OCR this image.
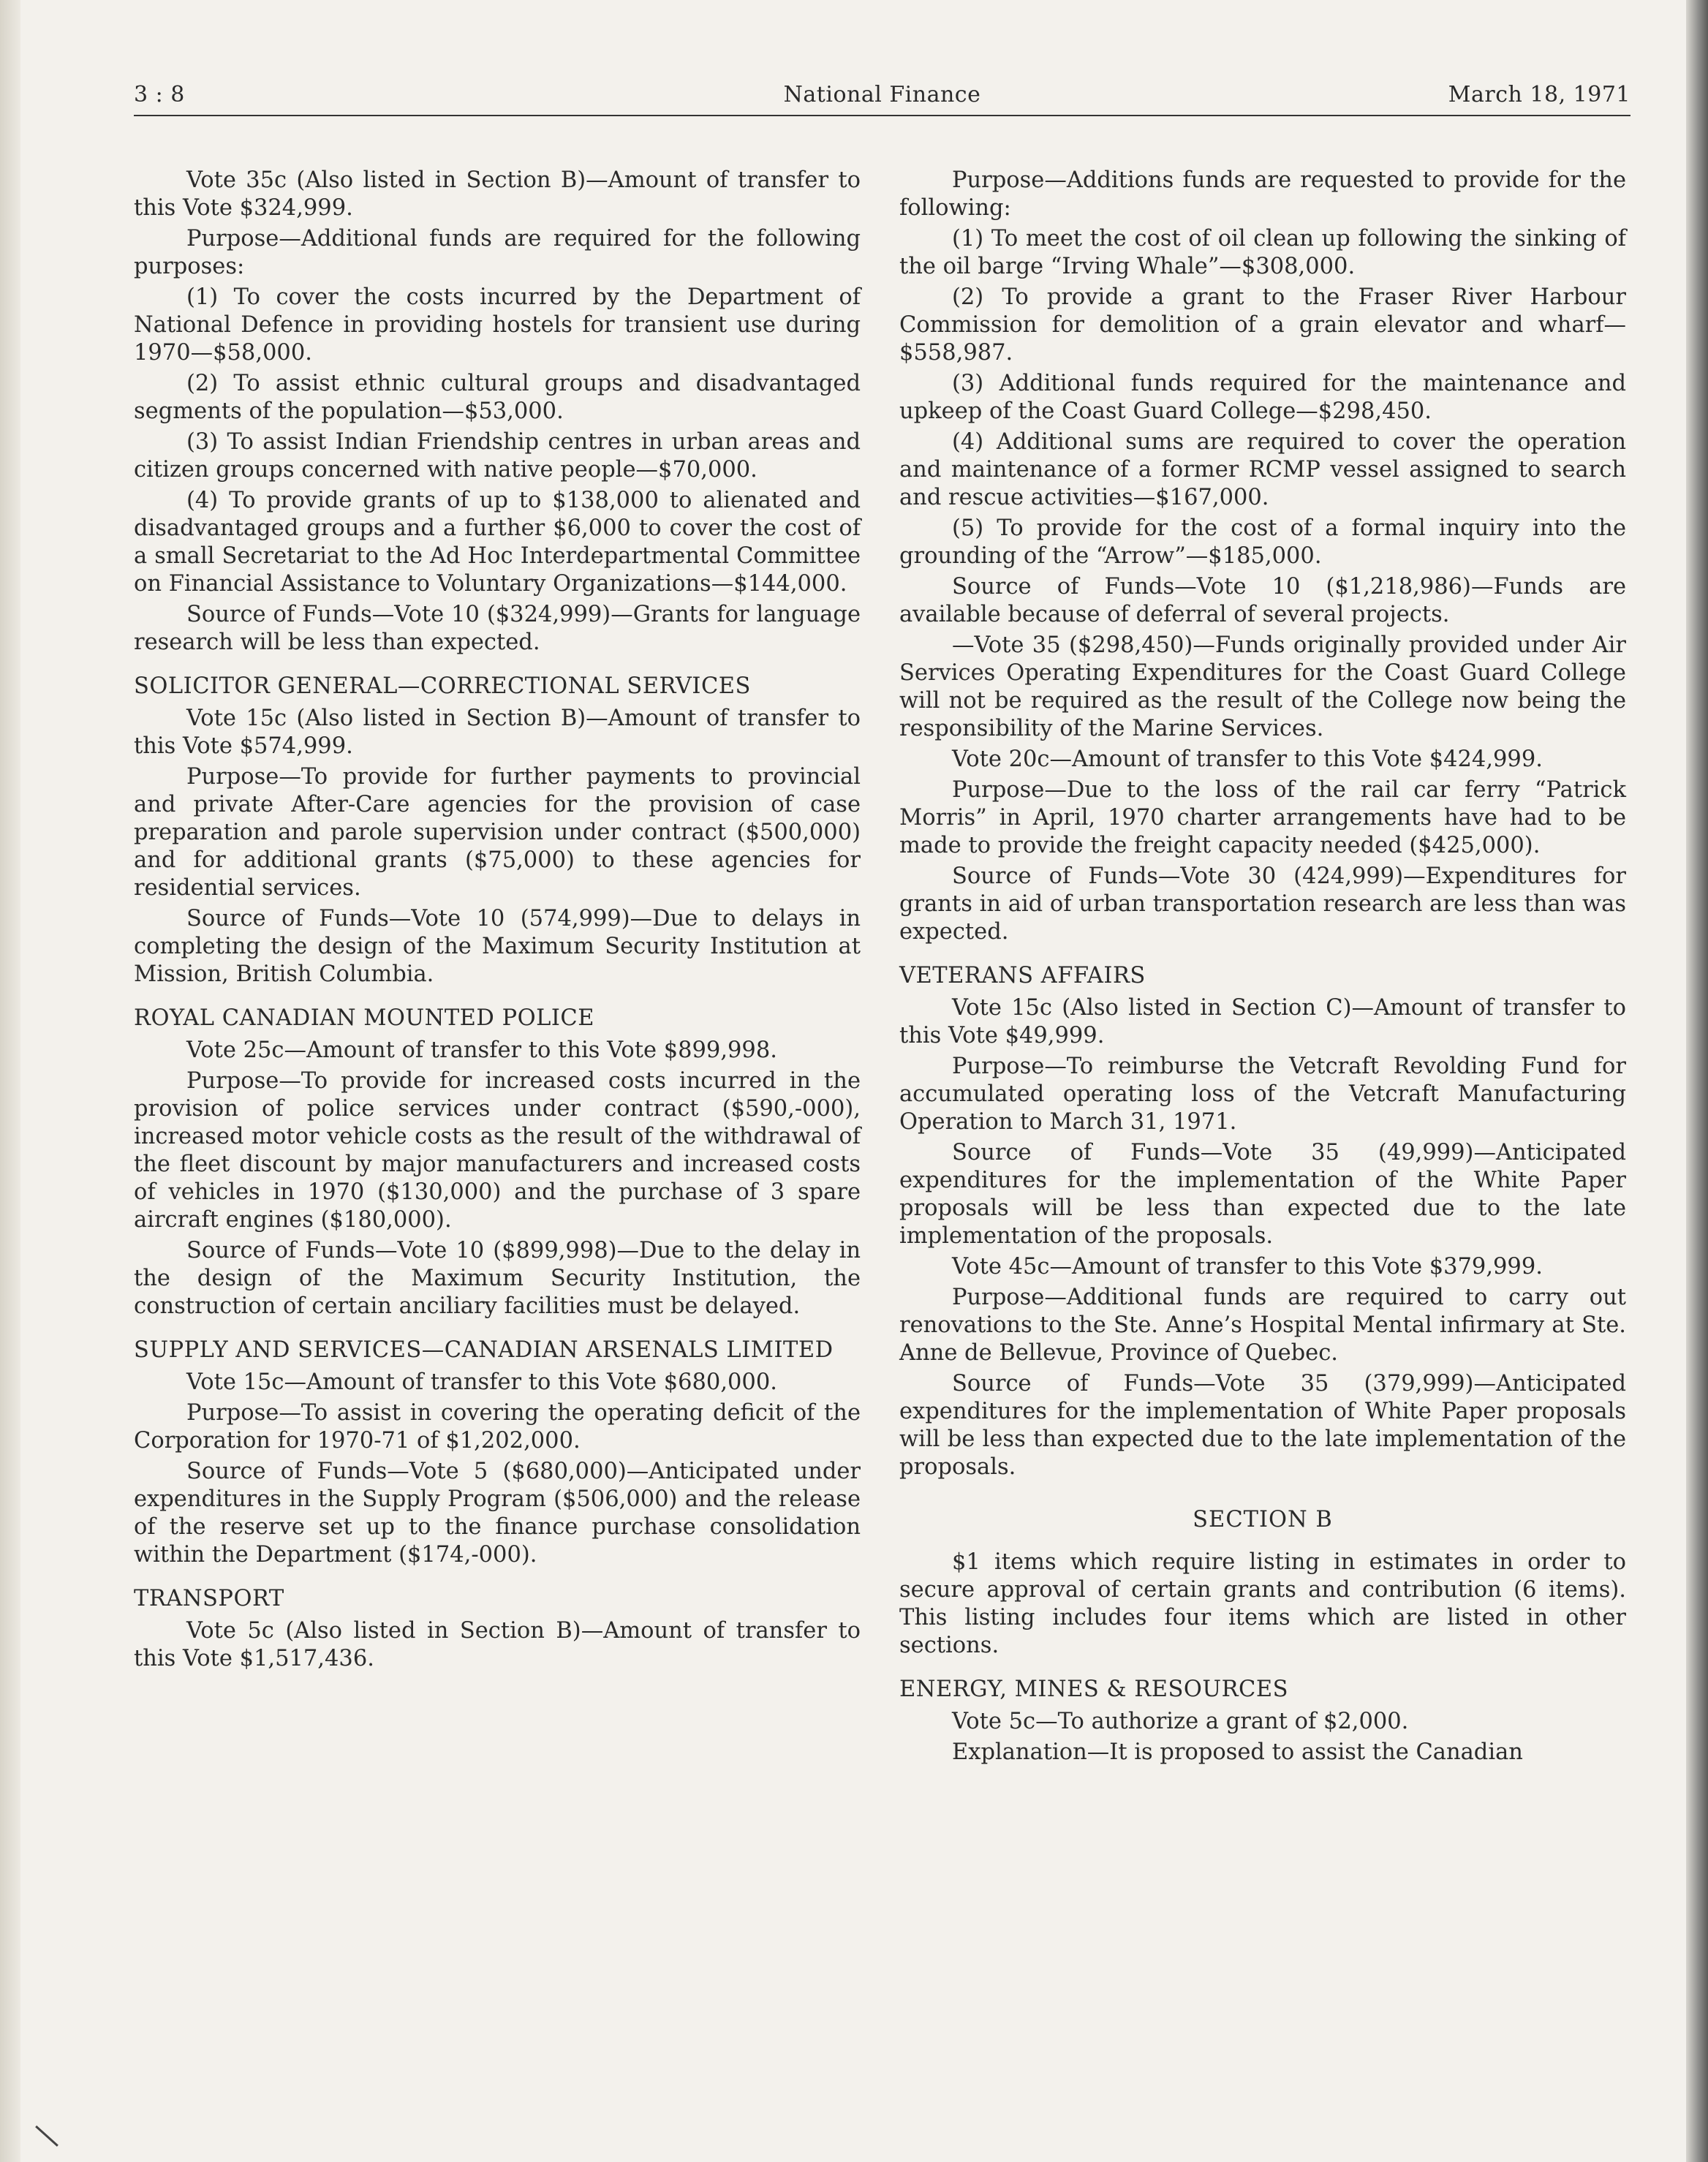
3 : 8	National Finance	March 18, 1971
Vote 35c (Also listed in Section B)—Amount of transfer to this Vote $324,999.
Purpose—Additional funds are required for the following purposes:
(1) To cover the costs incurred by the Department of National Defence in providing hostels for transient use during 1970—$58,000.
(2) To assist ethnic cultural groups and disadvantaged segments of the population—$53,000.
(3) To assist Indian Friendship centres in urban areas and citizen groups concerned with native people—$70,000.
(4) To provide grants of up to $138,000 to alienated and disadvantaged groups and a further $6,000 to cover the cost of a small Secretariat to the Ad Hoc Interdepartmental Committee on Financial Assistance to Voluntary Organizations—$144,000.
Source of Funds—Vote 10 ($324,999)—Grants for language research will be less than expected.
SOLICITOR GENERAL—CORRECTIONAL SERVICES
Vote 15c (Also listed in Section B)—Amount of transfer to this Vote $574,999.
Purpose—To provide for further payments to provincial and private After-Care agencies for the provision of case preparation and parole supervision under contract ($500,000) and for additional grants ($75,000) to these agencies for residential services.
Source of Funds—Vote 10 (574,999)—Due to delays in completing the design of the Maximum Security Institution at Mission, British Columbia.
ROYAL CANADIAN MOUNTED POLICE
Vote 25c—Amount of transfer to this Vote $899,998.
Purpose—To provide for increased costs incurred in the provision of police services under contract ($590,-000), increased motor vehicle costs as the result of the withdrawal of the fleet discount by major manufacturers and increased costs of vehicles in 1970 ($130,000) and the purchase of 3 spare aircraft engines ($180,000).
Source of Funds—Vote 10 ($899,998)—Due to the delay in the design of the Maximum Security Institution, the construction of certain anciliary facilities must be delayed.
SUPPLY AND SERVICES—CANADIAN ARSENALS LIMITED
Vote 15c—Amount of transfer to this Vote $680,000.
Purpose—To assist in covering the operating deficit of the Corporation for 1970-71 of $1,202,000.
Source of Funds—Vote 5 ($680,000)—Anticipated under expenditures in the Supply Program ($506,000) and the release of the reserve set up to the finance purchase consolidation within the Department ($174,-000).
TRANSPORT
Vote 5c (Also listed in Section B)—Amount of transfer to this Vote $1,517,436.
Purpose—Additions funds are requested to provide for the following:
(1) To meet the cost of oil clean up following the sinking of the oil barge “Irving Whale”—$308,000.
(2) To provide a grant to the Fraser River Harbour Commission for demolition of a grain elevator and wharf—$558,987.
(3) Additional funds required for the maintenance and upkeep of the Coast Guard College—$298,450.
(4) Additional sums are required to cover the operation and maintenance of a former RCMP vessel assigned to search and rescue activities—$167,000.
(5) To provide for the cost of a formal inquiry into the grounding of the “Arrow”—$185,000.
Source of Funds—Vote 10 ($1,218,986)—Funds are available because of deferral of several projects.
—Vote 35 ($298,450)—Funds originally provided under Air Services Operating Expenditures for the Coast Guard College will not be required as the result of the College now being the responsibility of the Marine Services.
Vote 20c—Amount of transfer to this Vote $424,999.
Purpose—Due to the loss of the rail car ferry “Patrick Morris” in April, 1970 charter arrangements have had to be made to provide the freight capacity needed ($425,000).
Source of Funds—Vote 30 (424,999)—Expenditures for grants in aid of urban transportation research are less than was expected.
VETERANS AFFAIRS
Vote 15c (Also listed in Section C)—Amount of transfer to this Vote $49,999.
Purpose—To reimburse the Vetcraft Revolding Fund for accumulated operating loss of the Vetcraft Manufacturing Operation to March 31, 1971.
Source of Funds—Vote 35 (49,999)—Anticipated expenditures for the implementation of the White Paper proposals will be less than expected due to the late implementation of the proposals.
Vote 45c—Amount of transfer to this Vote $379,999.
Purpose—Additional funds are required to carry out renovations to the Ste. Anne’s Hospital Mental infirmary at Ste. Anne de Bellevue, Province of Quebec.
Source of Funds—Vote 35 (379,999)—Anticipated expenditures for the implementation of White Paper proposals will be less than expected due to the late implementation of the proposals.
SECTION B
$1 items which require listing in estimates in order to secure approval of certain grants and contribution (6 items). This listing includes four items which are listed in other sections.
ENERGY, MINES & RESOURCES
Vote 5c—To authorize a grant of $2,000.
Explanation—It is proposed to assist the Canadian
